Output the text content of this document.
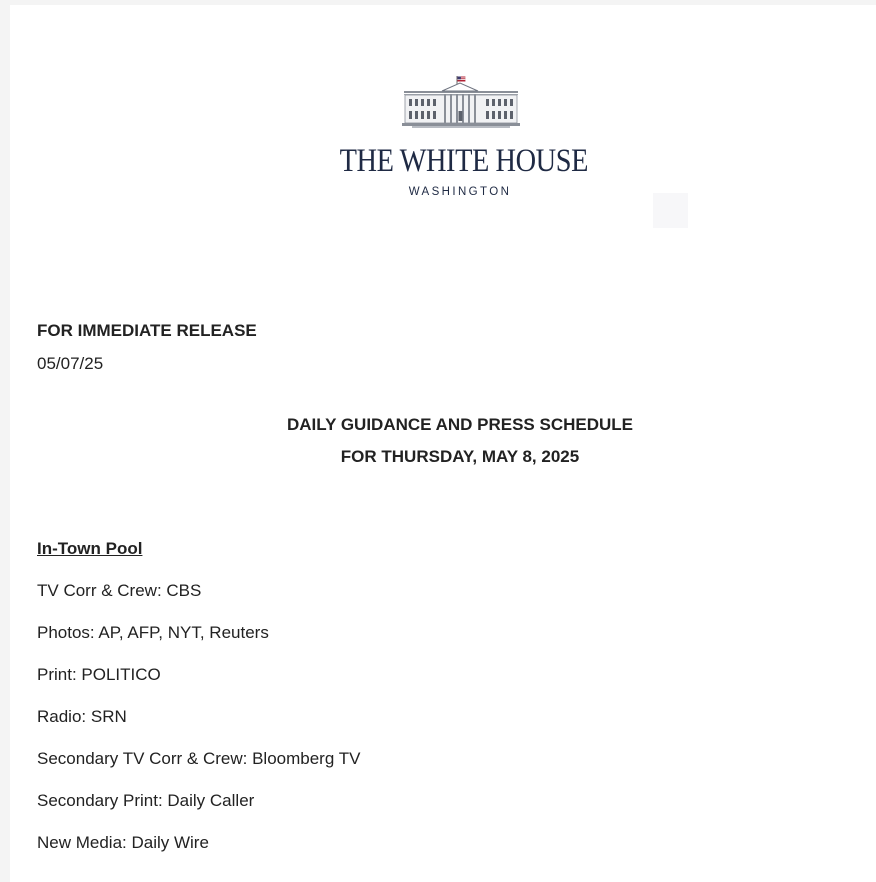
THE WHITE HOUSE
WASHINGTON
FOR IMMEDIATE RELEASE
05/07/25
DAILY GUIDANCE AND PRESS SCHEDULE
FOR THURSDAY, MAY 8, 2025
In-Town Pool
TV Corr & Crew: CBS
Photos: AP, AFP, NYT, Reuters
Print: POLITICO
Radio: SRN
Secondary TV Corr & Crew: Bloomberg TV
Secondary Print: Daily Caller
New Media: Daily Wire
